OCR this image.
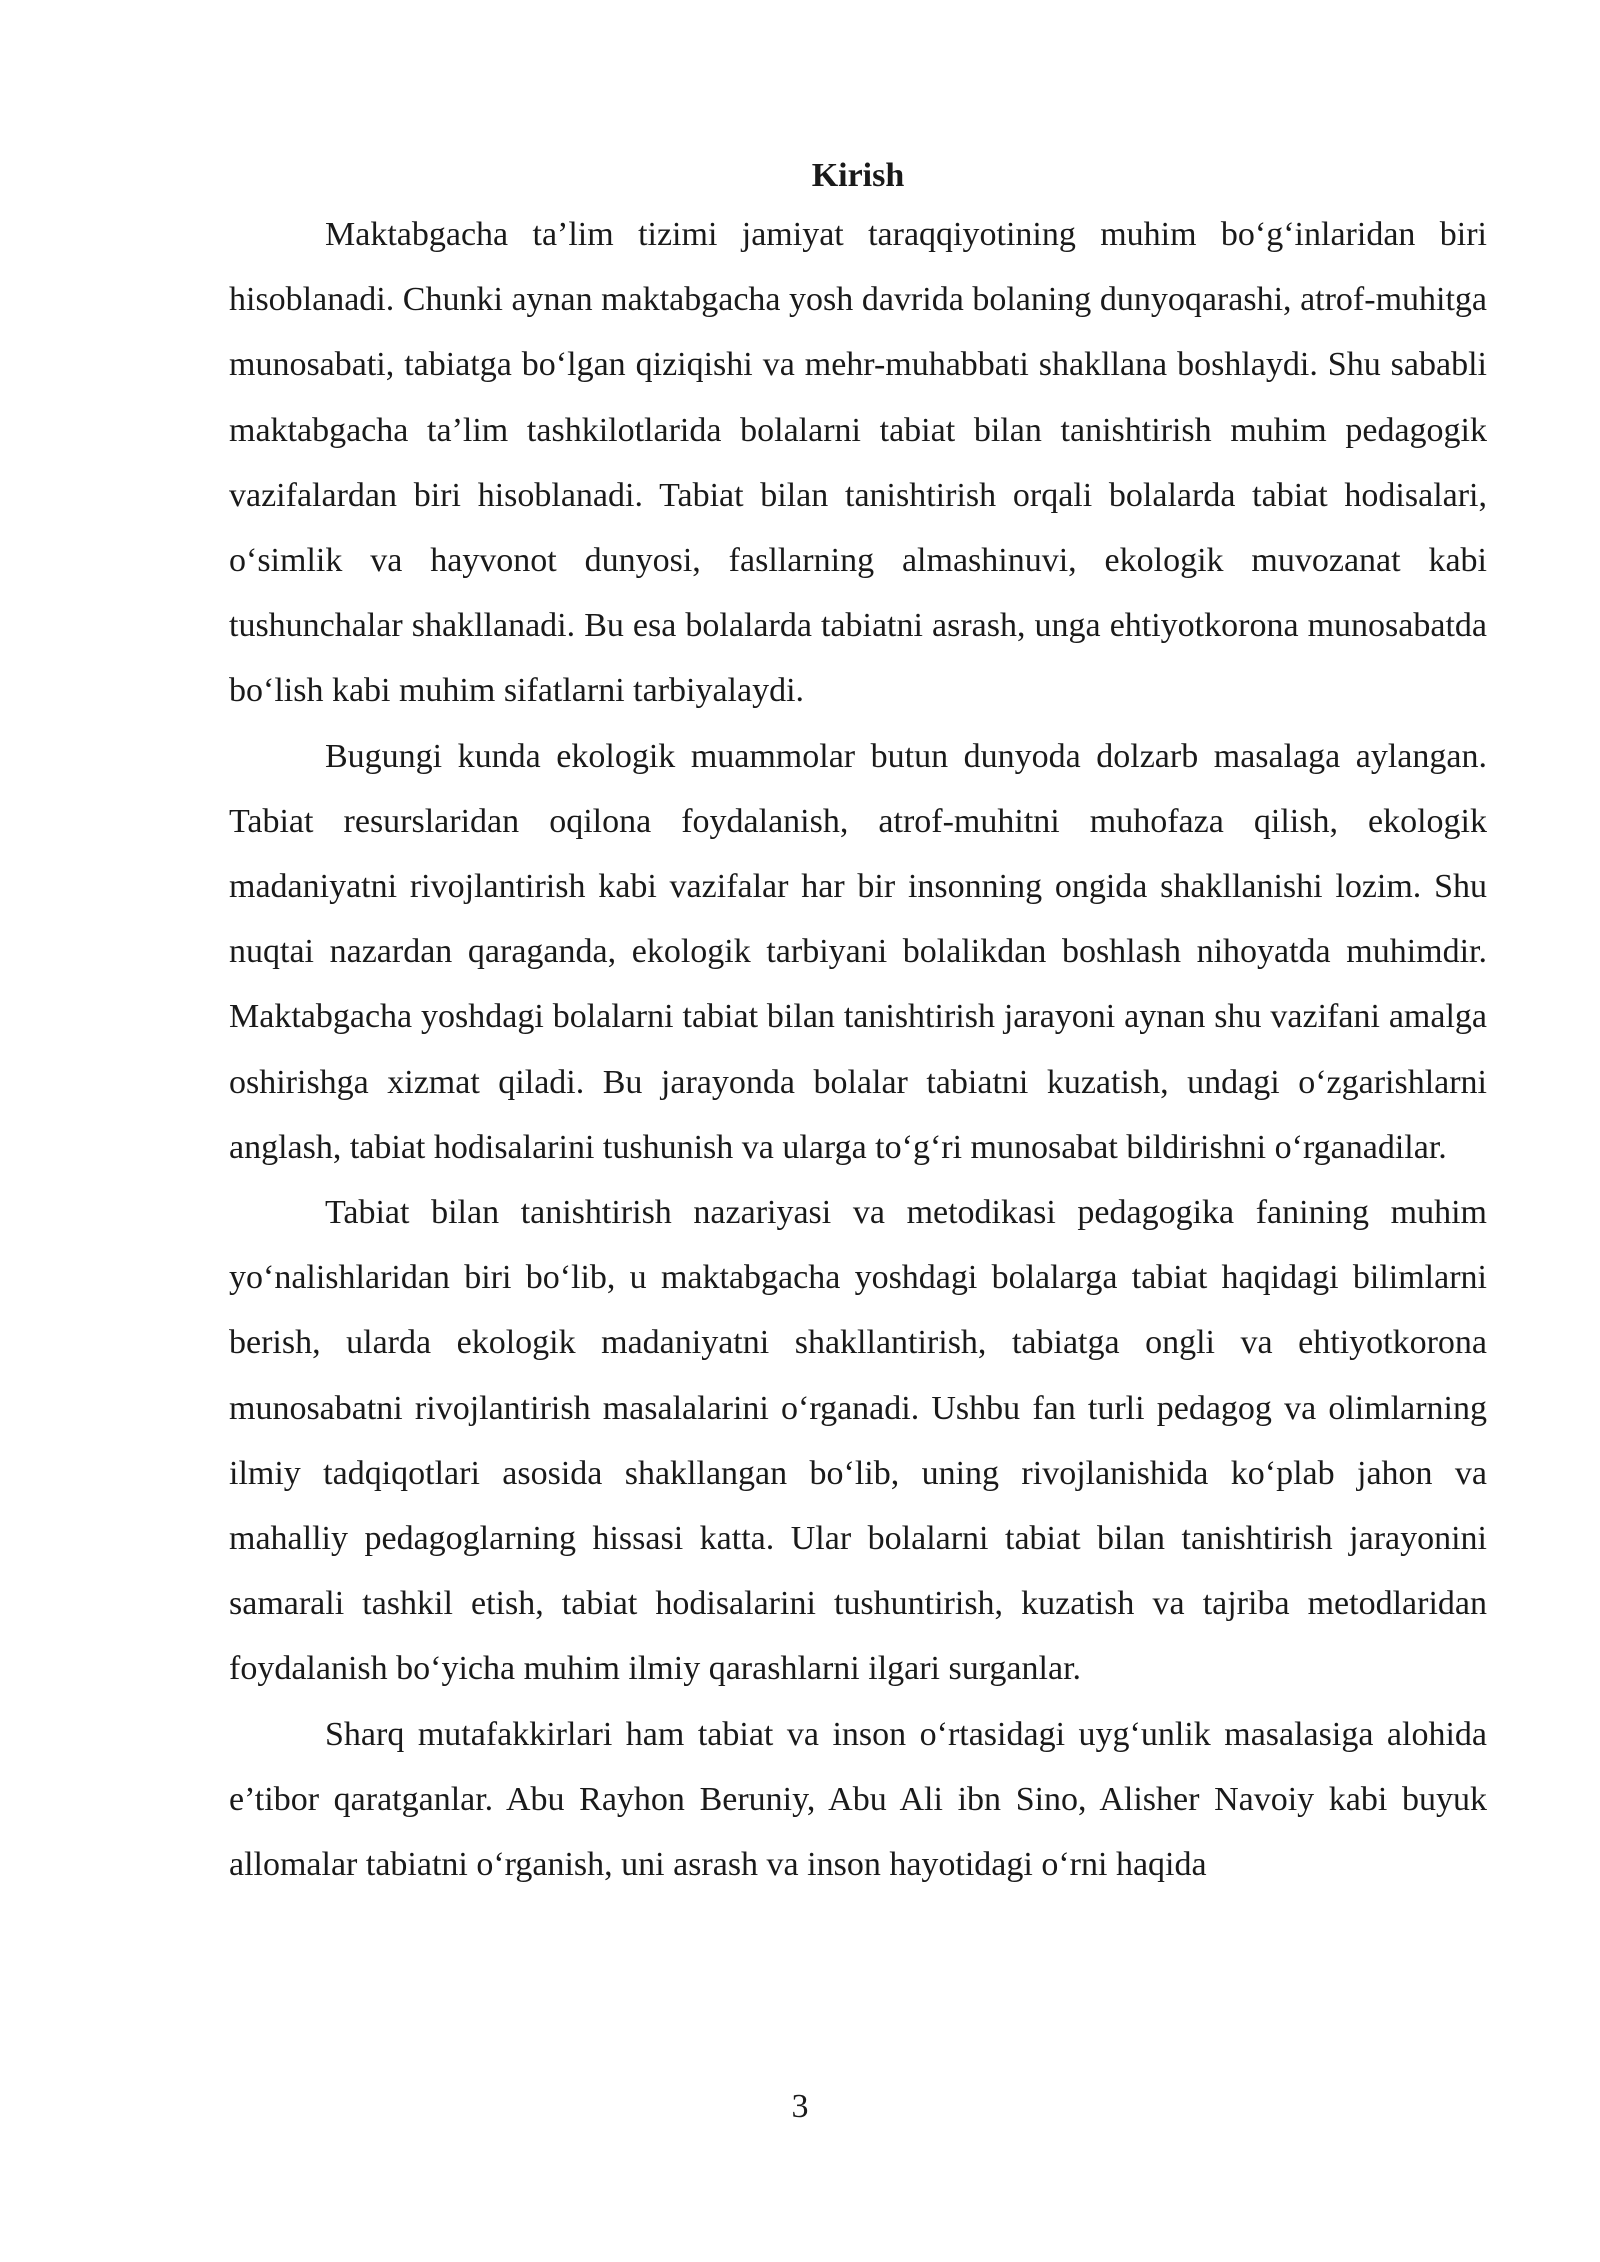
Kirish

Maktabgacha ta’lim tizimi jamiyat taraqqiyotining muhim bo‘g‘inlaridan biri hisoblanadi. Chunki aynan maktabgacha yosh davrida bolaning dunyoqarashi, atrof-muhitga munosabati, tabiatga bo‘lgan qiziqishi va mehr-muhabbati shakllana boshlaydi. Shu sababli maktabgacha ta’lim tashkilotlarida bolalarni tabiat bilan tanishtirish muhim pedagogik vazifalardan biri hisoblanadi. Tabiat bilan tanishtirish orqali bolalarda tabiat hodisalari, o‘simlik va hayvonot dunyosi, fasllarning almashinuvi, ekologik muvozanat kabi tushunchalar shakllanadi. Bu esa bolalarda tabiatni asrash, unga ehtiyotkorona munosabatda bo‘lish kabi muhim sifatlarni tarbiyalaydi.

Bugungi kunda ekologik muammolar butun dunyoda dolzarb masalaga aylangan. Tabiat resurslaridan oqilona foydalanish, atrof-muhitni muhofaza qilish, ekologik madaniyatni rivojlantirish kabi vazifalar har bir insonning ongida shakllanishi lozim. Shu nuqtai nazardan qaraganda, ekologik tarbiyani bolalikdan boshlash nihoyatda muhimdir. Maktabgacha yoshdagi bolalarni tabiat bilan tanishtirish jarayoni aynan shu vazifani amalga oshirishga xizmat qiladi. Bu jarayonda bolalar tabiatni kuzatish, undagi o‘zgarishlarni anglash, tabiat hodisalarini tushunish va ularga to‘g‘ri munosabat bildirishni o‘rganadilar.

Tabiat bilan tanishtirish nazariyasi va metodikasi pedagogika fanining muhim yo‘nalishlaridan biri bo‘lib, u maktabgacha yoshdagi bolalarga tabiat haqidagi bilimlarni berish, ularda ekologik madaniyatni shakllantirish, tabiatga ongli va ehtiyotkorona munosabatni rivojlantirish masalalarini o‘rganadi. Ushbu fan turli pedagog va olimlarning ilmiy tadqiqotlari asosida shakllangan bo‘lib, uning rivojlanishida ko‘plab jahon va mahalliy pedagoglarning hissasi katta. Ular bolalarni tabiat bilan tanishtirish jarayonini samarali tashkil etish, tabiat hodisalarini tushuntirish, kuzatish va tajriba metodlaridan foydalanish bo‘yicha muhim ilmiy qarashlarni ilgari surganlar.

Sharq mutafakkirlari ham tabiat va inson o‘rtasidagi uyg‘unlik masalasiga alohida e’tibor qaratganlar. Abu Rayhon Beruniy, Abu Ali ibn Sino, Alisher Navoiy kabi buyuk allomalar tabiatni o‘rganish, uni asrash va inson hayotidagi o‘rni haqida

3
